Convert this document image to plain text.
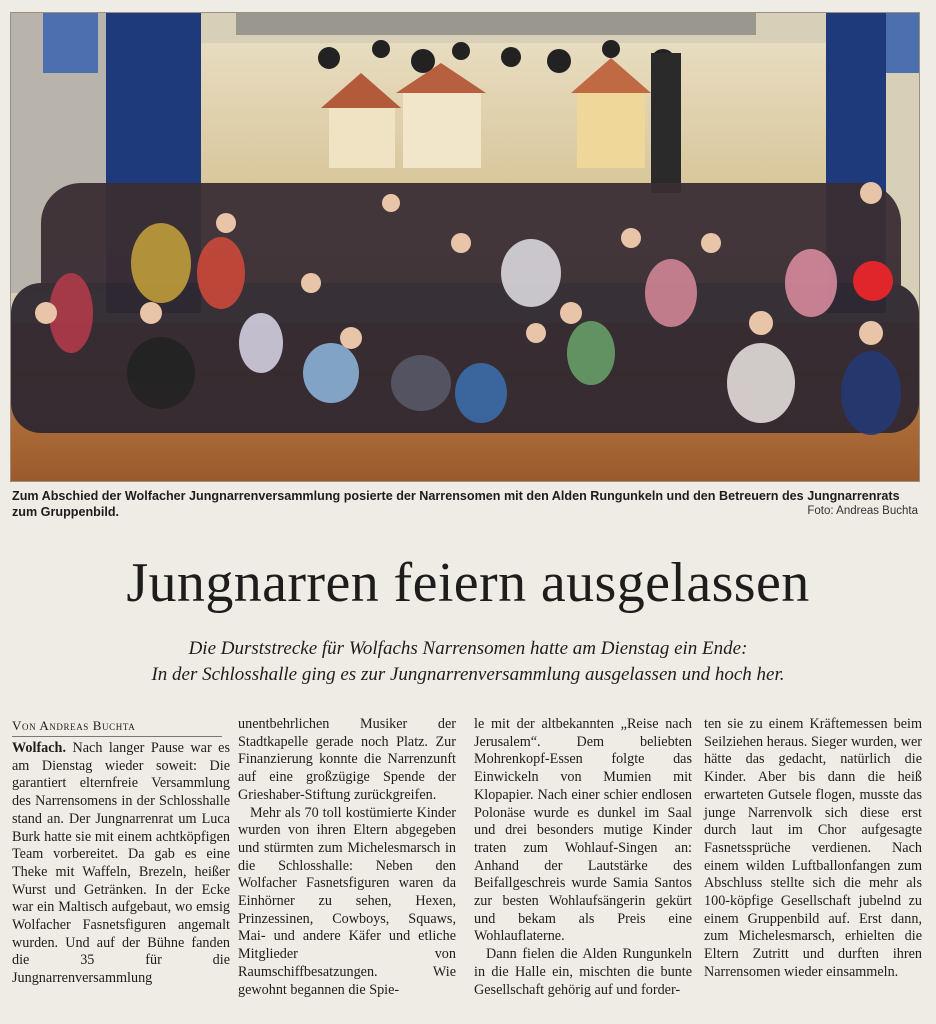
Zum Abschied der Wolfacher Jungnarrenversammlung posierte der Narrensomen mit den Alden Rungunkeln und den Betreuern des Jungnarrenrats zum Gruppenbild.	Foto: Andreas Buchta
Jungnarren feiern ausgelassen
Die Durststrecke für Wolfachs Narrensomen hatte am Dienstag ein Ende:
In der Schlosshalle ging es zur Jungnarrenversammlung ausgelassen und hoch her.
Von Andreas Buchta

Wolfach. Nach langer Pause war es am Dienstag wieder soweit: Die garantiert elternfreie Versammlung des Narrensomens in der Schlosshalle stand an. Der Jungnarrenrat um Luca Burk hatte sie mit einem achtköpfigen Team vorbereitet. Da gab es eine Theke mit Waffeln, Brezeln, heißer Wurst und Getränken. In der Ecke war ein Maltisch aufgebaut, wo emsig Wolfacher Fasnetsfiguren angemalt wurden. Und auf der Bühne fanden die 35 für die Jungnarrenversammlung

unentbehrlichen Musiker der Stadtkapelle gerade noch Platz. Zur Finanzierung konnte die Narrenzunft auf eine großzügige Spende der Grieshaber-Stiftung zurückgreifen.

Mehr als 70 toll kostümierte Kinder wurden von ihren Eltern abgegeben und stürmten zum Michelesmarsch in die Schlosshalle: Neben den Wolfacher Fasnetsfiguren waren da Einhörner zu sehen, Hexen, Prinzessinen, Cowboys, Squaws, Mai- und andere Käfer und etliche Mitglieder von Raumschiffbesatzungen. Wie gewohnt begannen die Spie-

le mit der altbekannten „Reise nach Jerusalem“. Dem beliebten Mohrenkopf-Essen folgte das Einwickeln von Mumien mit Klopapier. Nach einer schier endlosen Polonäse wurde es dunkel im Saal und drei besonders mutige Kinder traten zum Wohlauf-Singen an: Anhand der Lautstärke des Beifallgeschreis wurde Samia Santos zur besten Wohlaufsängerin gekürt und bekam als Preis eine Wohlauflaterne.

Dann fielen die Alden Rungunkeln in die Halle ein, mischten die bunte Gesellschaft gehörig auf und forder-

ten sie zu einem Kräftemessen beim Seilziehen heraus. Sieger wurden, wer hätte das gedacht, natürlich die Kinder. Aber bis dann die heiß erwarteten Gutsele flogen, musste das junge Narrenvolk sich diese erst durch laut im Chor aufgesagte Fasnetssprüche verdienen. Nach einem wilden Luftballonfangen zum Abschluss stellte sich die mehr als 100-köpfige Gesellschaft jubelnd zu einem Gruppenbild auf. Erst dann, zum Michelesmarsch, erhielten die Eltern Zutritt und durften ihren Narrensomen wieder einsammeln.
